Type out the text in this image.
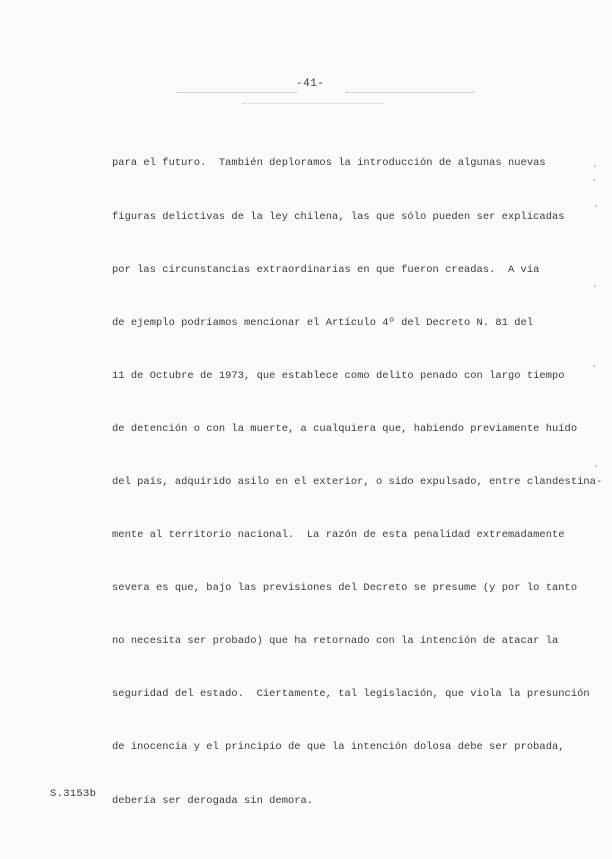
-41-

para el futuro.  También deploramos la introducción de algunas nuevas

figuras delictivas de la ley chilena, las que sólo pueden ser explicadas

por las circunstancias extraordinarias en que fueron creadas.  A vía

de ejemplo podríamos mencionar el Artículo 4º del Decreto N. 81 del

11 de Octubre de 1973, que establece como delito penado con largo tiempo

de detención o con la muerte, a cualquiera que, habiendo previamente huído

del país, adquirido asilo en el exterior, o sido expulsado, entre clandestina-

mente al territorio nacional.  La razón de esta penalidad extremadamente

severa es que, bajo las previsiones del Decreto se presume (y por lo tanto

no necesita ser probado) que ha retornado con la intención de atacar la

seguridad del estado.  Ciertamente, tal legislación, que viola la presunción

de inocencia y el principio de que la intención dolosa debe ser probada,

debería ser derogada sin demora.

S.3153b
